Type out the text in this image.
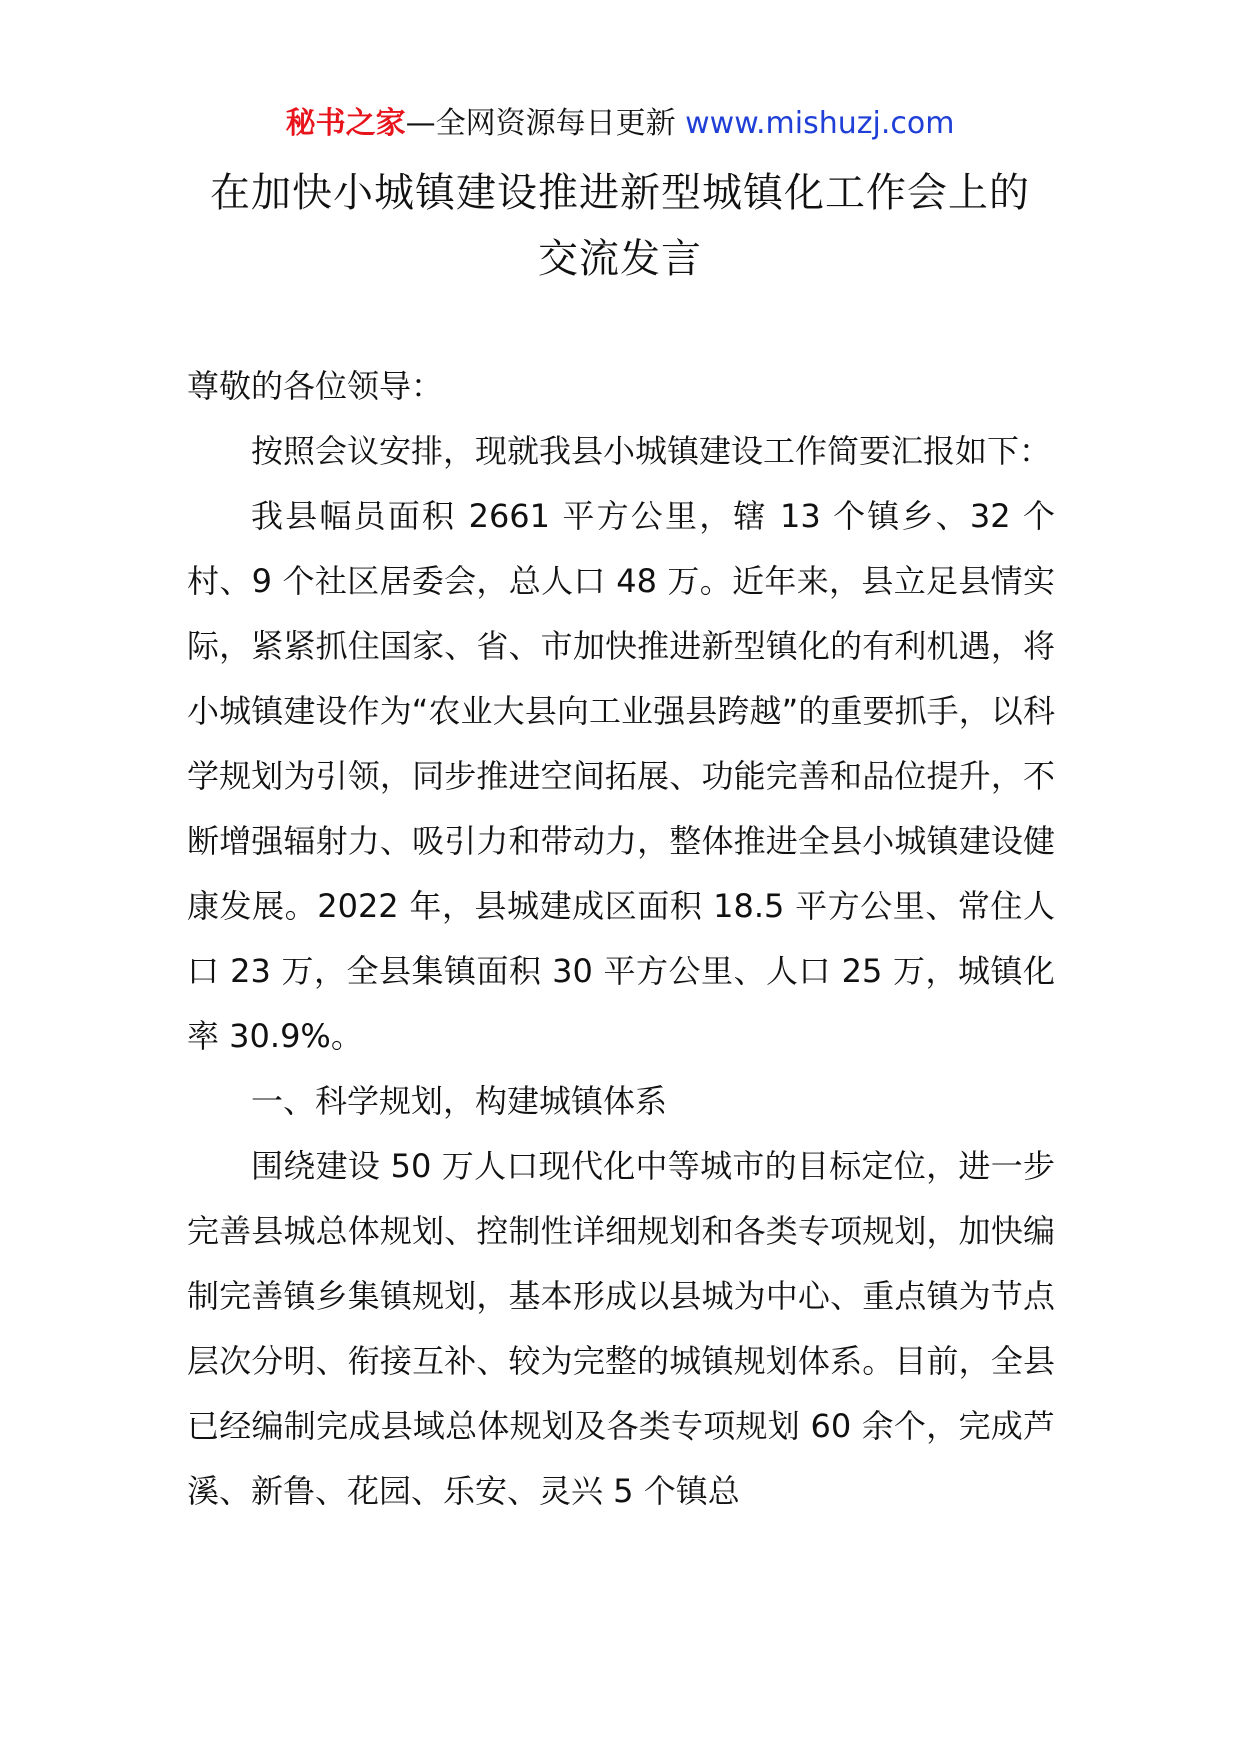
秘书之家—全网资源每日更新 www.mishuzj.com
在加快小城镇建设推进新型城镇化工作会上的
交流发言

尊敬的各位领导：

按照会议安排，现就我县小城镇建设工作简要汇报如下：

我县幅员面积 2661 平方公里，辖 13 个镇乡、32 个村、9 个社区居委会，总人口 48 万。近年来，县立足县情实际，紧紧抓住国家、省、市加快推进新型镇化的有利机遇，将小城镇建设作为“农业大县向工业强县跨越”的重要抓手，以科学规划为引领，同步推进空间拓展、功能完善和品位提升，不断增强辐射力、吸引力和带动力，整体推进全县小城镇建设健康发展。2022 年，县城建成区面积 18.5 平方公里、常住人口 23 万，全县集镇面积 30 平方公里、人口 25 万，城镇化率 30.9%。

一、科学规划，构建城镇体系

围绕建设 50 万人口现代化中等城市的目标定位，进一步完善县城总体规划、控制性详细规划和各类专项规划，加快编制完善镇乡集镇规划，基本形成以县城为中心、重点镇为节点层次分明、衔接互补、较为完整的城镇规划体系。目前，全县已经编制完成县域总体规划及各类专项规划 60 余个，完成芦溪、新鲁、花园、乐安、灵兴 5 个镇总
